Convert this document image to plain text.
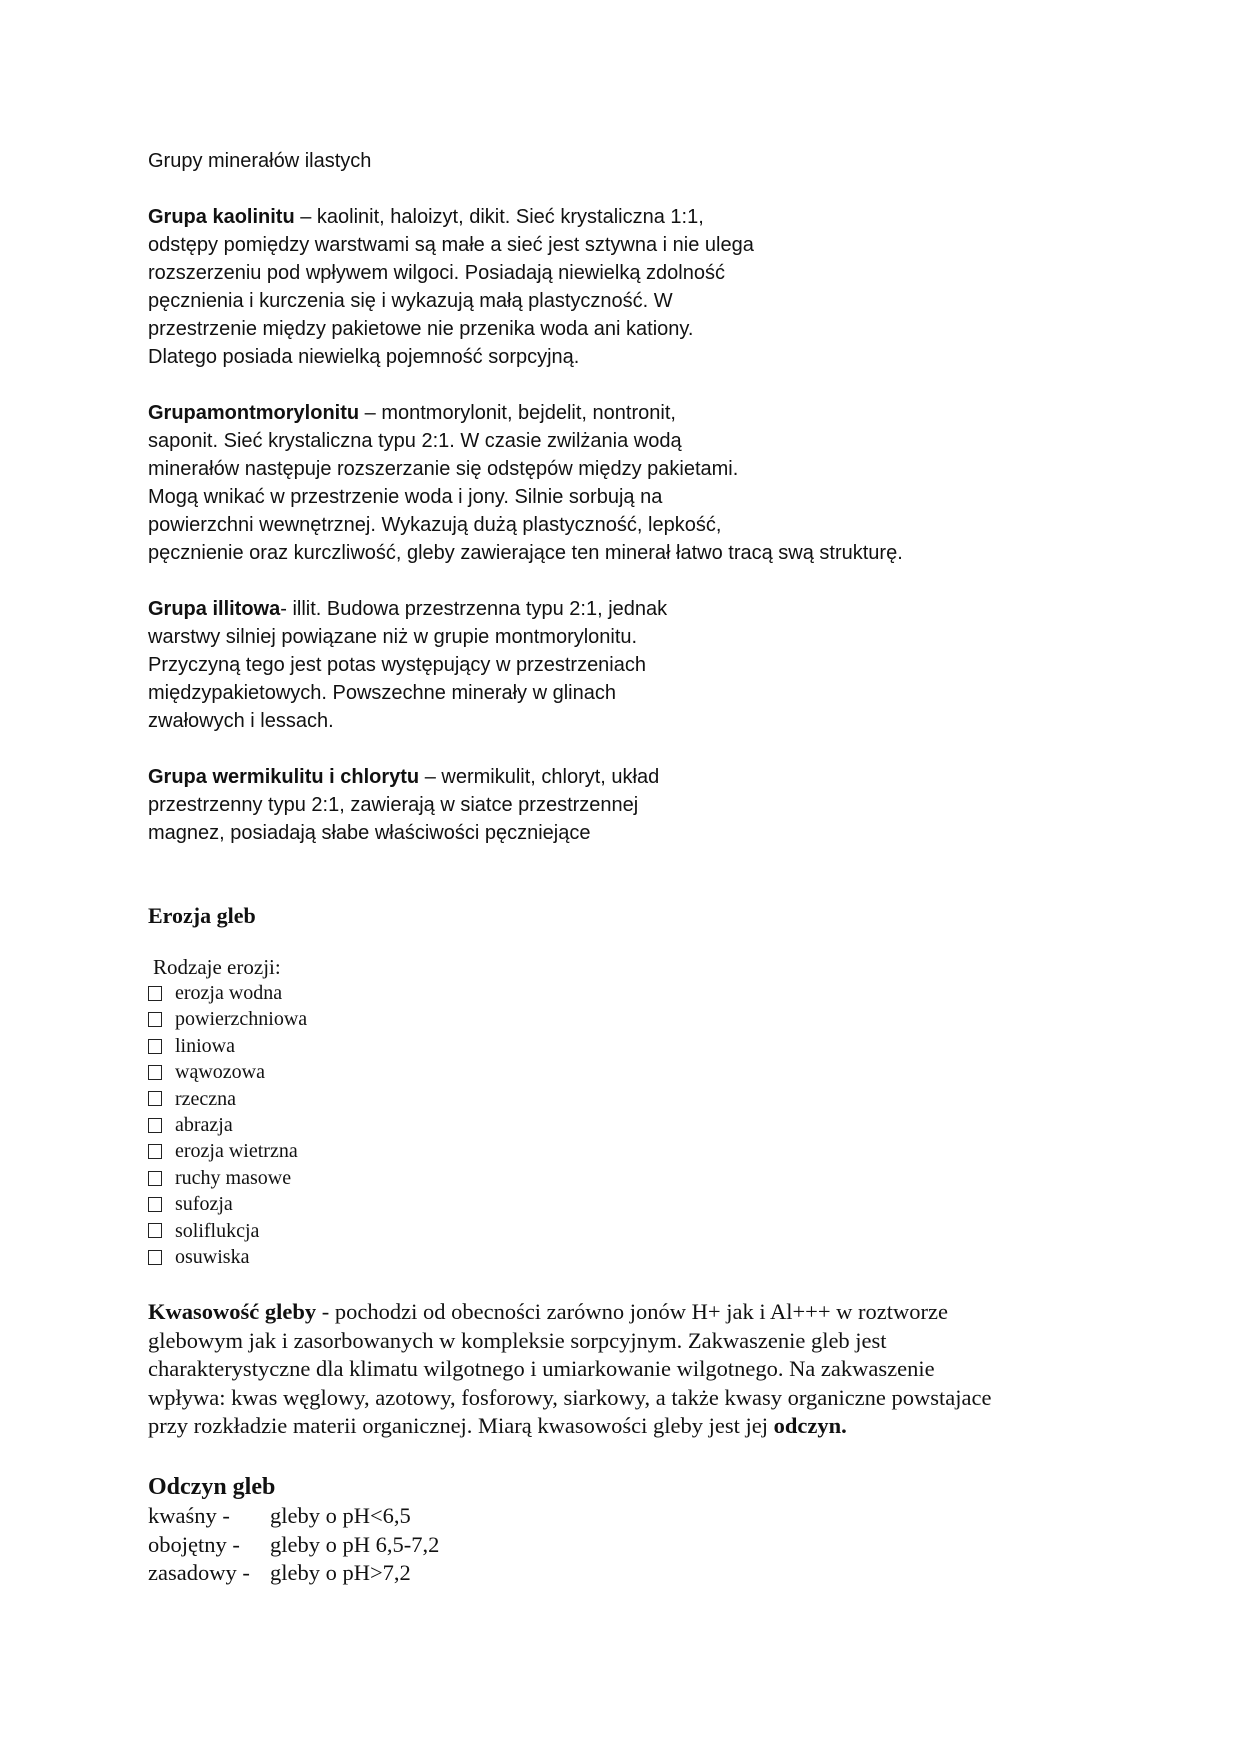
Grupy minerałów ilastych
Grupa kaolinitu – kaolinit, haloizyt, dikit. Sieć krystaliczna 1:1,
odstępy pomiędzy warstwami są małe a sieć jest sztywna i nie ulega
rozszerzeniu pod wpływem wilgoci. Posiadają niewielką zdolność
pęcznienia i kurczenia się i wykazują małą plastyczność. W
przestrzenie między pakietowe nie przenika woda ani kationy.
Dlatego posiada niewielką pojemność sorpcyjną.
Grupamontmorylonitu – montmorylonit, bejdelit, nontronit,
saponit. Sieć krystaliczna typu 2:1. W czasie zwilżania wodą
minerałów następuje rozszerzanie się odstępów między pakietami.
Mogą wnikać w przestrzenie woda i jony. Silnie sorbują na
powierzchni wewnętrznej. Wykazują dużą plastyczność, lepkość,
pęcznienie oraz kurczliwość, gleby zawierające ten minerał łatwo tracą swą strukturę.
Grupa illitowa- illit. Budowa przestrzenna typu 2:1, jednak
warstwy silniej powiązane niż w grupie montmorylonitu.
Przyczyną tego jest potas występujący w przestrzeniach
międzypakietowych. Powszechne minerały w glinach
zwałowych i lessach.
Grupa wermikulitu i chlorytu – wermikulit, chloryt, układ
przestrzenny typu 2:1, zawierają w siatce przestrzennej
magnez, posiadają słabe właściwości pęczniejące
Erozja gleb
Rodzaje erozji:
erozja wodna
powierzchniowa
liniowa
wąwozowa
rzeczna
abrazja
erozja wietrzna
ruchy masowe
sufozja
soliflukcja
osuwiska
Kwasowość gleby - pochodzi od obecności zarówno jonów H+ jak i Al+++ w roztworze
glebowym jak i zasorbowanych w kompleksie sorpcyjnym. Zakwaszenie gleb jest
charakterystyczne dla klimatu wilgotnego i umiarkowanie wilgotnego. Na zakwaszenie
wpływa: kwas węglowy, azotowy, fosforowy, siarkowy, a także kwasy organiczne powstajace
przy rozkładzie materii organicznej. Miarą kwasowości gleby jest jej odczyn.
Odczyn gleb
kwaśny -	gleby o pH<6,5
obojętny -	gleby o pH 6,5-7,2
zasadowy - gleby o pH>7,2
